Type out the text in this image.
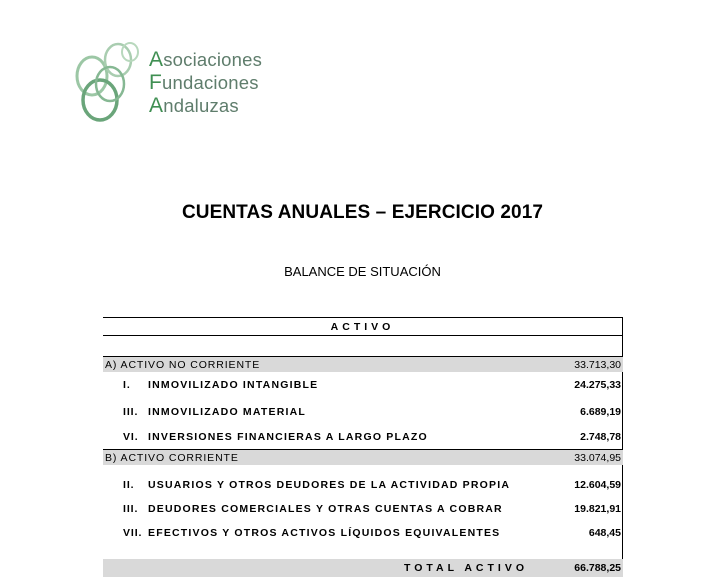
Asociaciones
Fundaciones
Andaluzas
CUENTAS ANUALES – EJERCICIO 2017
BALANCE DE SITUACIÓN
ACTIVO
A) ACTIVO NO CORRIENTE	33.713,30
I. INMOVILIZADO INTANGIBLE	24.275,33
III. INMOVILIZADO MATERIAL	6.689,19
VI. INVERSIONES FINANCIERAS A LARGO PLAZO	2.748,78
B) ACTIVO CORRIENTE	33.074,95
II. USUARIOS Y OTROS DEUDORES DE LA ACTIVIDAD PROPIA	12.604,59
III. DEUDORES COMERCIALES Y OTRAS CUENTAS A COBRAR	19.821,91
VII. EFECTIVOS Y OTROS ACTIVOS LÍQUIDOS EQUIVALENTES	648,45
TOTAL ACTIVO	66.788,25
